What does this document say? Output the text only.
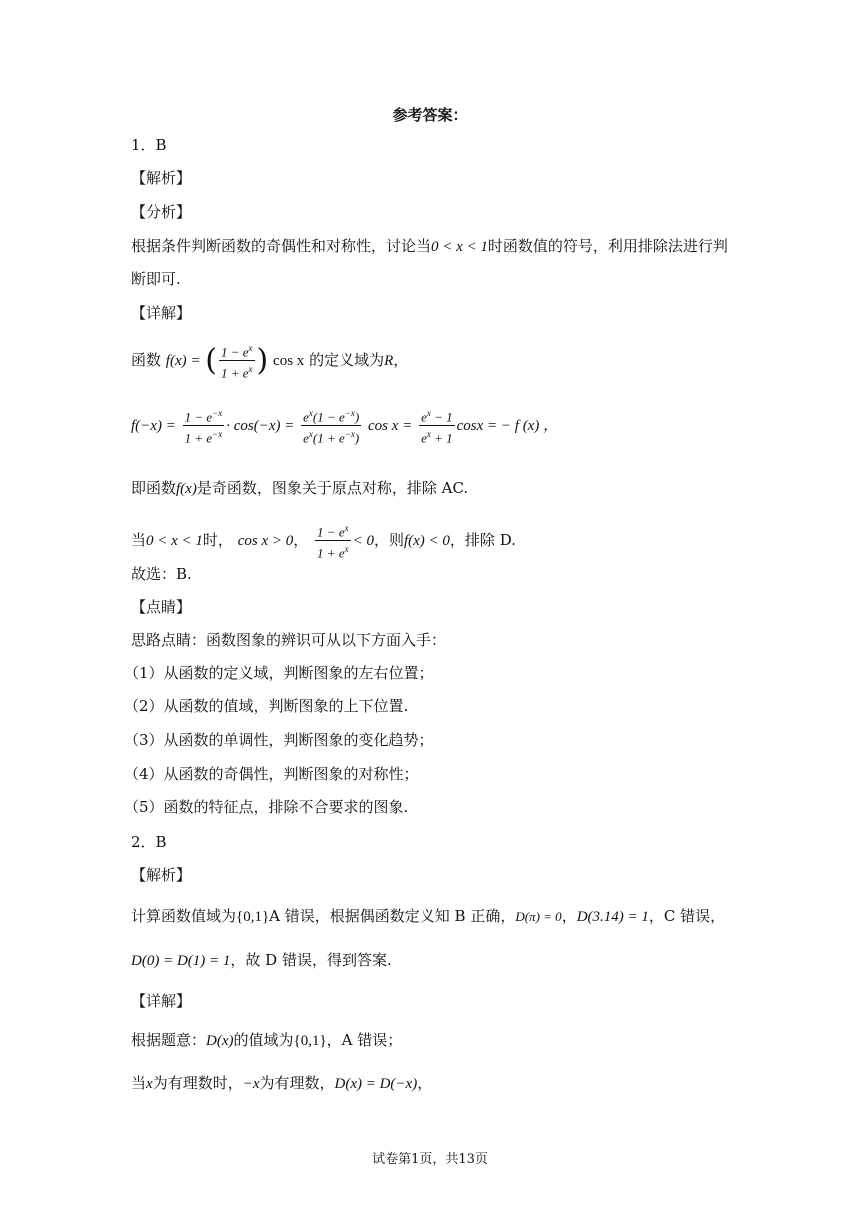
参考答案：
1．B
【解析】
【分析】
根据条件判断函数的奇偶性和对称性，讨论当0 < x < 1时函数值的符号，利用排除法进行判
断即可.
【详解】
函数 f(x) = ( $\frac{1 - e^x}{1 + e^x}$ ) cos x 的定义域为R，
$f(-x) = \frac{1 - e^{-x}}{1 + e^{-x}} \cdot \cos(-x) = \frac{e^x(1 - e^{-x})}{e^x(1 + e^{-x})}$ $\cos x = \frac{e^x - 1}{e^x + 1}$ cosx = − f (x) ，
即函数f(x)是奇函数，图象关于原点对称，排除 AC.
当0 < x < 1时， cos x > 0， $\frac{1 - e^x}{1 + e^x} < 0$，则f(x) < 0，排除 D.
故选：B.
【点睛】
思路点睛：函数图象的辨识可从以下方面入手：
（1）从函数的定义域，判断图象的左右位置；
（2）从函数的值域，判断图象的上下位置.
（3）从函数的单调性，判断图象的变化趋势；
（4）从函数的奇偶性，判断图象的对称性；
（5）函数的特征点，排除不合要求的图象.
2．B
【解析】
计算函数值域为{0,1}A 错误，根据偶函数定义知 B 正确，D(π) = 0，D(3.14) = 1，C 错误，
D(0) = D(1) = 1，故 D 错误，得到答案.
【详解】
根据题意：D(x)的值域为{0,1}，A 错误；
当x为有理数时，−x为有理数，D(x) = D(−x)，
试卷第1页，共13页
